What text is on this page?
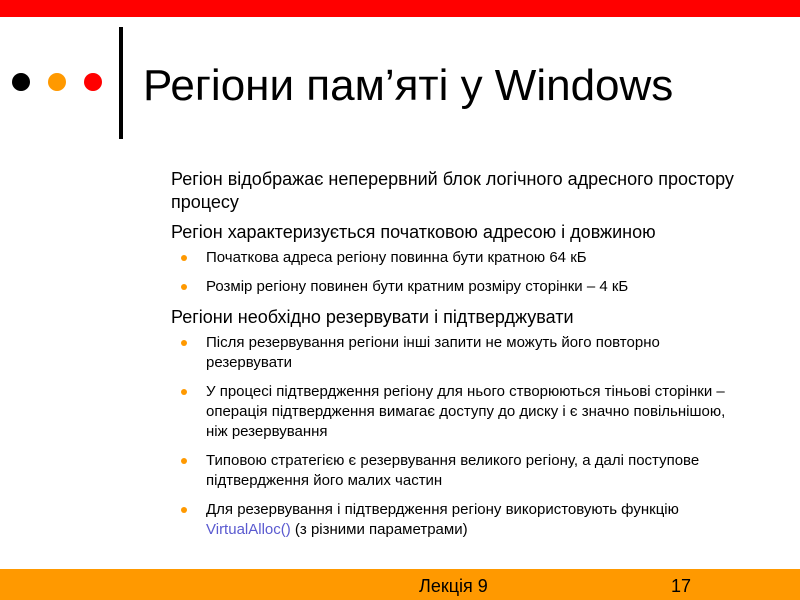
Регіони пам’яті у Windows
Регіон відображає неперервний блок логічного адресного простору процесу
Регіон характеризується початковою адресою і довжиною
Початкова адреса регіону повинна бути кратною 64 кБ
Розмір регіону повинен бути кратним розміру сторінки – 4 кБ
Регіони необхідно резервувати і підтверджувати
Після резервування регіони інші запити не можуть його повторно резервувати
У процесі підтвердження регіону для нього створюються тіньові сторінки – операція підтвердження вимагає доступу до диску і є значно повільнішою, ніж резервування
Типовою стратегією є резервування великого регіону, а далі поступове підтвердження його малих частин
Для резервування і підтвердження регіону використовують функцію VirtualAlloc() (з різними параметрами)
Лекція 9	17
